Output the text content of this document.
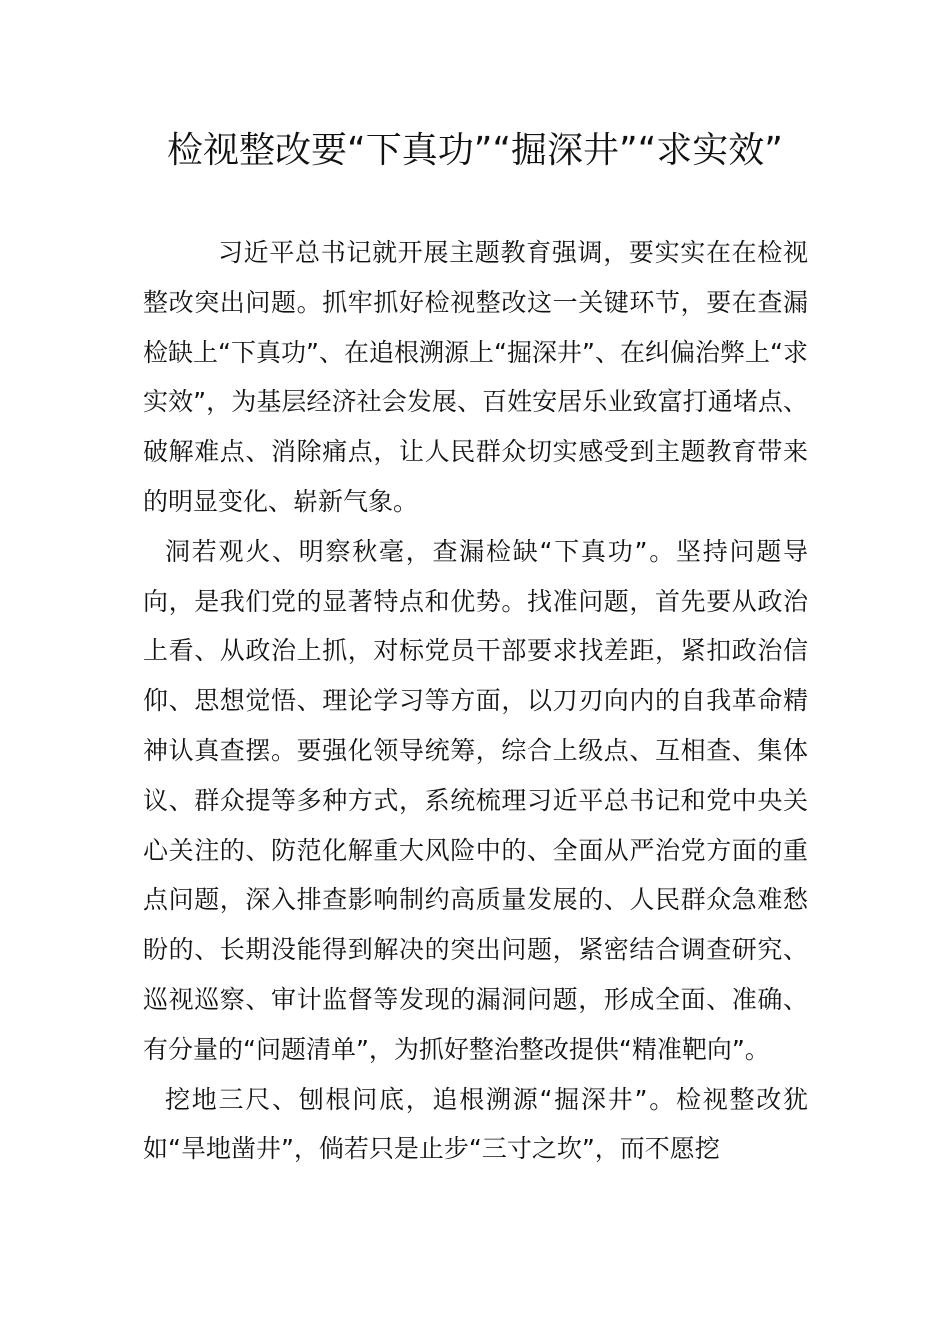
检视整改要“下真功”“掘深井”“求实效”

习近平总书记就开展主题教育强调，要实实在在检视整改突出问题。抓牢抓好检视整改这一关键环节，要在查漏检缺上“下真功”、在追根溯源上“掘深井”、在纠偏治弊上“求实效”，为基层经济社会发展、百姓安居乐业致富打通堵点、破解难点、消除痛点，让人民群众切实感受到主题教育带来的明显变化、崭新气象。

洞若观火、明察秋毫，查漏检缺“下真功”。坚持问题导向，是我们党的显著特点和优势。找准问题，首先要从政治上看、从政治上抓，对标党员干部要求找差距，紧扣政治信仰、思想觉悟、理论学习等方面，以刀刃向内的自我革命精神认真查摆。要强化领导统筹，综合上级点、互相查、集体议、群众提等多种方式，系统梳理习近平总书记和党中央关心关注的、防范化解重大风险中的、全面从严治党方面的重点问题，深入排查影响制约高质量发展的、人民群众急难愁盼的、长期没能得到解决的突出问题，紧密结合调查研究、巡视巡察、审计监督等发现的漏洞问题，形成全面、准确、有分量的“问题清单”，为抓好整治整改提供“精准靶向”。

挖地三尺、刨根问底，追根溯源“掘深井”。检视整改犹如“旱地凿井”，倘若只是止步“三寸之坎”，而不愿挖
